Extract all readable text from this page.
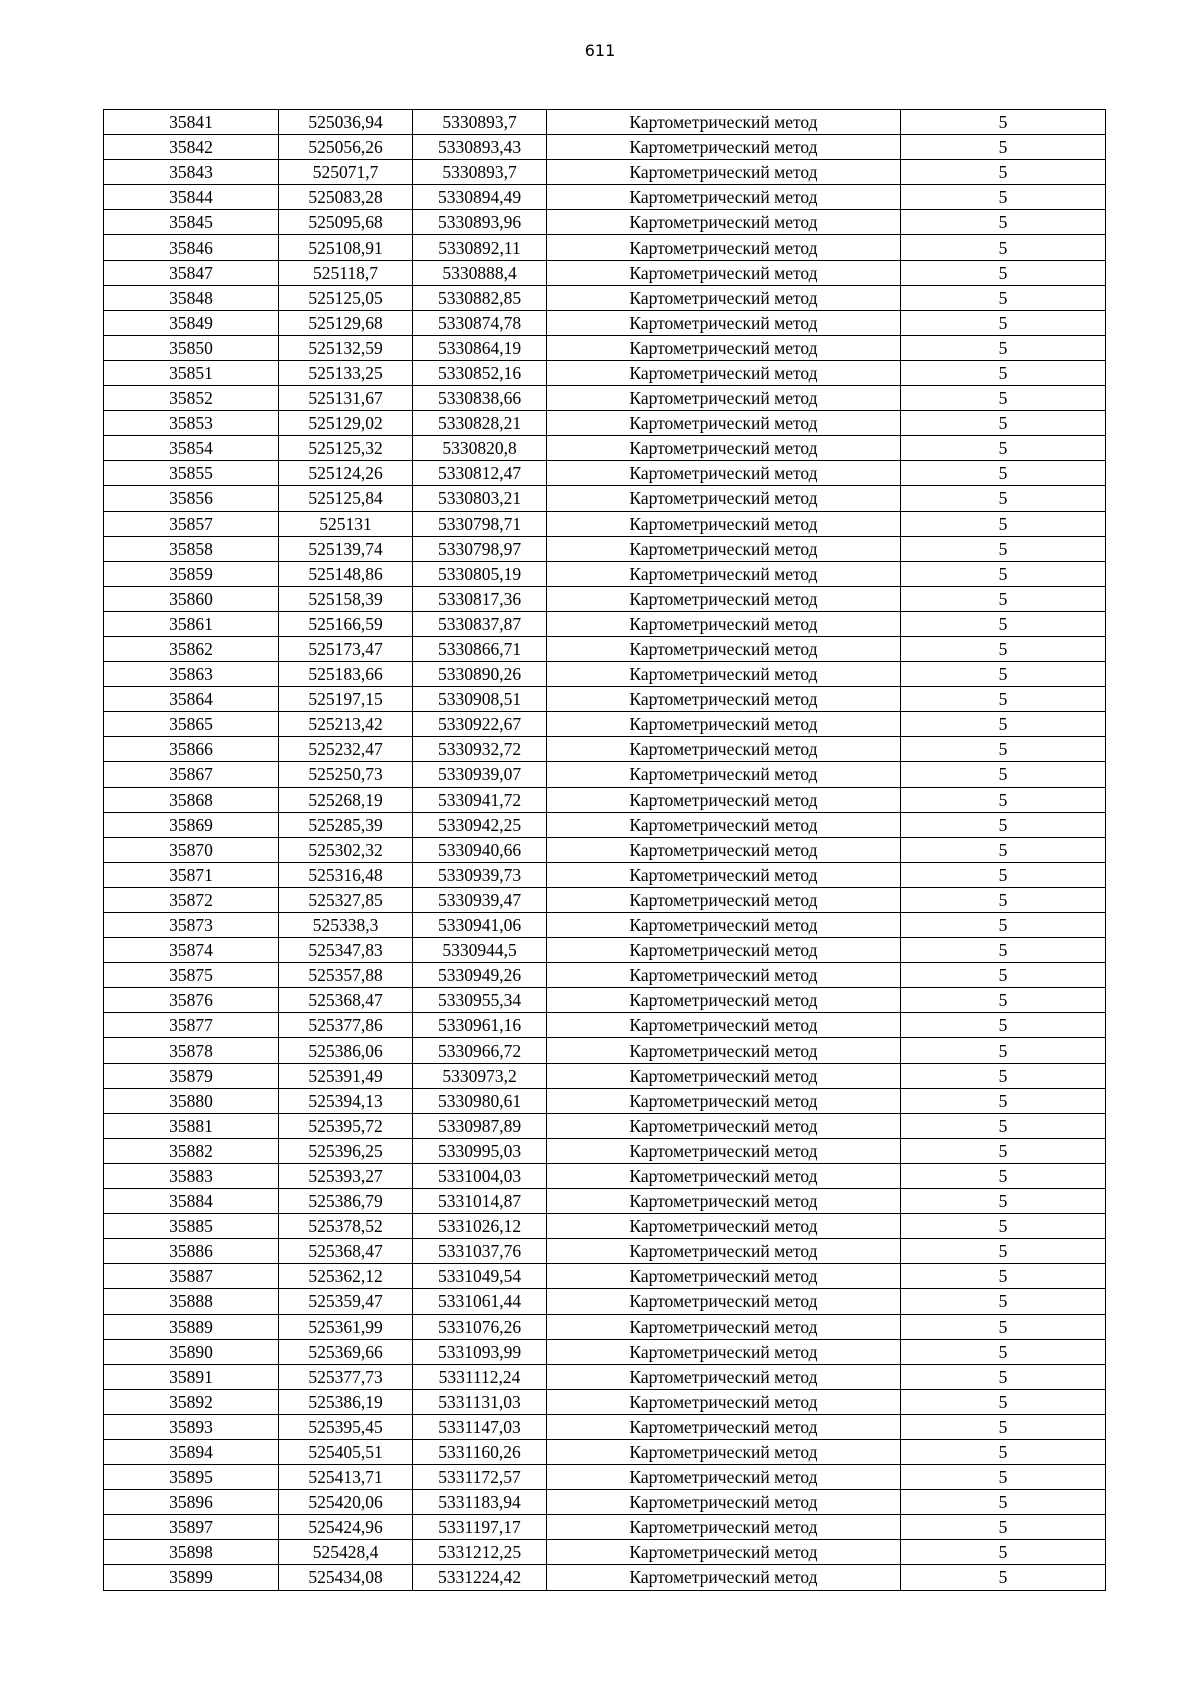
611
35841	525036,94	5330893,7	Картометрический метод	5
35842	525056,26	5330893,43	Картометрический метод	5
35843	525071,7	5330893,7	Картометрический метод	5
35844	525083,28	5330894,49	Картометрический метод	5
35845	525095,68	5330893,96	Картометрический метод	5
35846	525108,91	5330892,11	Картометрический метод	5
35847	525118,7	5330888,4	Картометрический метод	5
35848	525125,05	5330882,85	Картометрический метод	5
35849	525129,68	5330874,78	Картометрический метод	5
35850	525132,59	5330864,19	Картометрический метод	5
35851	525133,25	5330852,16	Картометрический метод	5
35852	525131,67	5330838,66	Картометрический метод	5
35853	525129,02	5330828,21	Картометрический метод	5
35854	525125,32	5330820,8	Картометрический метод	5
35855	525124,26	5330812,47	Картометрический метод	5
35856	525125,84	5330803,21	Картометрический метод	5
35857	525131	5330798,71	Картометрический метод	5
35858	525139,74	5330798,97	Картометрический метод	5
35859	525148,86	5330805,19	Картометрический метод	5
35860	525158,39	5330817,36	Картометрический метод	5
35861	525166,59	5330837,87	Картометрический метод	5
35862	525173,47	5330866,71	Картометрический метод	5
35863	525183,66	5330890,26	Картометрический метод	5
35864	525197,15	5330908,51	Картометрический метод	5
35865	525213,42	5330922,67	Картометрический метод	5
35866	525232,47	5330932,72	Картометрический метод	5
35867	525250,73	5330939,07	Картометрический метод	5
35868	525268,19	5330941,72	Картометрический метод	5
35869	525285,39	5330942,25	Картометрический метод	5
35870	525302,32	5330940,66	Картометрический метод	5
35871	525316,48	5330939,73	Картометрический метод	5
35872	525327,85	5330939,47	Картометрический метод	5
35873	525338,3	5330941,06	Картометрический метод	5
35874	525347,83	5330944,5	Картометрический метод	5
35875	525357,88	5330949,26	Картометрический метод	5
35876	525368,47	5330955,34	Картометрический метод	5
35877	525377,86	5330961,16	Картометрический метод	5
35878	525386,06	5330966,72	Картометрический метод	5
35879	525391,49	5330973,2	Картометрический метод	5
35880	525394,13	5330980,61	Картометрический метод	5
35881	525395,72	5330987,89	Картометрический метод	5
35882	525396,25	5330995,03	Картометрический метод	5
35883	525393,27	5331004,03	Картометрический метод	5
35884	525386,79	5331014,87	Картометрический метод	5
35885	525378,52	5331026,12	Картометрический метод	5
35886	525368,47	5331037,76	Картометрический метод	5
35887	525362,12	5331049,54	Картометрический метод	5
35888	525359,47	5331061,44	Картометрический метод	5
35889	525361,99	5331076,26	Картометрический метод	5
35890	525369,66	5331093,99	Картометрический метод	5
35891	525377,73	5331112,24	Картометрический метод	5
35892	525386,19	5331131,03	Картометрический метод	5
35893	525395,45	5331147,03	Картометрический метод	5
35894	525405,51	5331160,26	Картометрический метод	5
35895	525413,71	5331172,57	Картометрический метод	5
35896	525420,06	5331183,94	Картометрический метод	5
35897	525424,96	5331197,17	Картометрический метод	5
35898	525428,4	5331212,25	Картометрический метод	5
35899	525434,08	5331224,42	Картометрический метод	5
